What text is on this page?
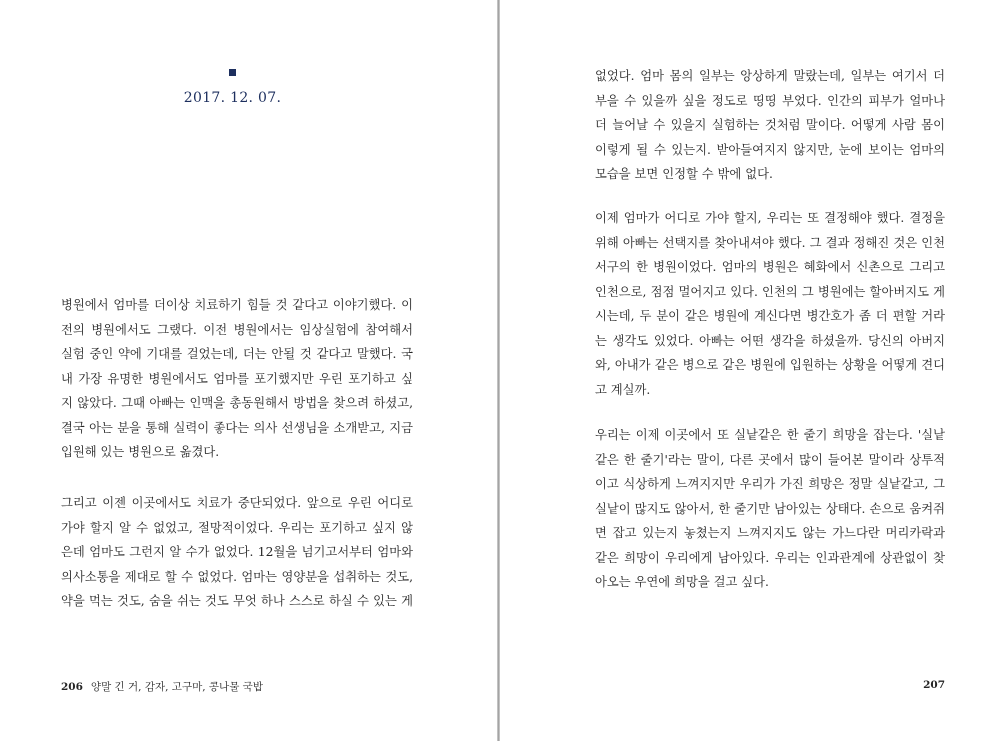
2017. 12. 07.
병원에서 엄마를 더이상 치료하기 힘들 것 같다고 이야기했다. 이
전의 병원에서도 그랬다. 이전 병원에서는 임상실험에 참여해서
실험 중인 약에 기대를 걸었는데, 더는 안될 것 같다고 말했다. 국
내 가장 유명한 병원에서도 엄마를 포기했지만 우린 포기하고 싶
지 않았다. 그때 아빠는 인맥을 총동원해서 방법을 찾으려 하셨고,
결국 아는 분을 통해 실력이 좋다는 의사 선생님을 소개받고, 지금
입원해 있는 병원으로 옮겼다.
그리고 이젠 이곳에서도 치료가 중단되었다. 앞으로 우린 어디로
가야 할지 알 수 없었고, 절망적이었다. 우리는 포기하고 싶지 않
은데 엄마도 그런지 알 수가 없었다. 12월을 넘기고서부터 엄마와
의사소통을 제대로 할 수 없었다. 엄마는 영양분을 섭취하는 것도,
약을 먹는 것도, 숨을 쉬는 것도 무엇 하나 스스로 하실 수 있는 게
206 양말 긴 거, 감자, 고구마, 콩나물 국밥
없었다. 엄마 몸의 일부는 앙상하게 말랐는데, 일부는 여기서 더
부을 수 있을까 싶을 정도로 띵띵 부었다. 인간의 피부가 얼마나
더 늘어날 수 있을지 실험하는 것처럼 말이다. 어떻게 사람 몸이
이렇게 될 수 있는지. 받아들여지지 않지만, 눈에 보이는 엄마의
모습을 보면 인정할 수 밖에 없다.
이제 엄마가 어디로 가야 할지, 우리는 또 결정해야 했다. 결정을
위해 아빠는 선택지를 찾아내셔야 했다. 그 결과 정해진 것은 인천
서구의 한 병원이었다. 엄마의 병원은 혜화에서 신촌으로 그리고
인천으로, 점점 멀어지고 있다. 인천의 그 병원에는 할아버지도 게
시는데, 두 분이 같은 병원에 계신다면 병간호가 좀 더 편할 거라
는 생각도 있었다. 아빠는 어떤 생각을 하셨을까. 당신의 아버지
와, 아내가 같은 병으로 같은 병원에 입원하는 상황을 어떻게 견디
고 계실까.
우리는 이제 이곳에서 또 실낱같은 한 줄기 희망을 잡는다. '실낱
같은 한 줄기'라는 말이, 다른 곳에서 많이 들어본 말이라 상투적
이고 식상하게 느껴지지만 우리가 가진 희망은 정말 실낱같고, 그
실낱이 많지도 않아서, 한 줄기만 남아있는 상태다. 손으로 움켜쥐
면 잡고 있는지 놓쳤는지 느껴지지도 않는 가느다란 머리카락과
같은 희망이 우리에게 남아있다. 우리는 인과관계에 상관없이 찾
아오는 우연에 희망을 걸고 싶다.
207
